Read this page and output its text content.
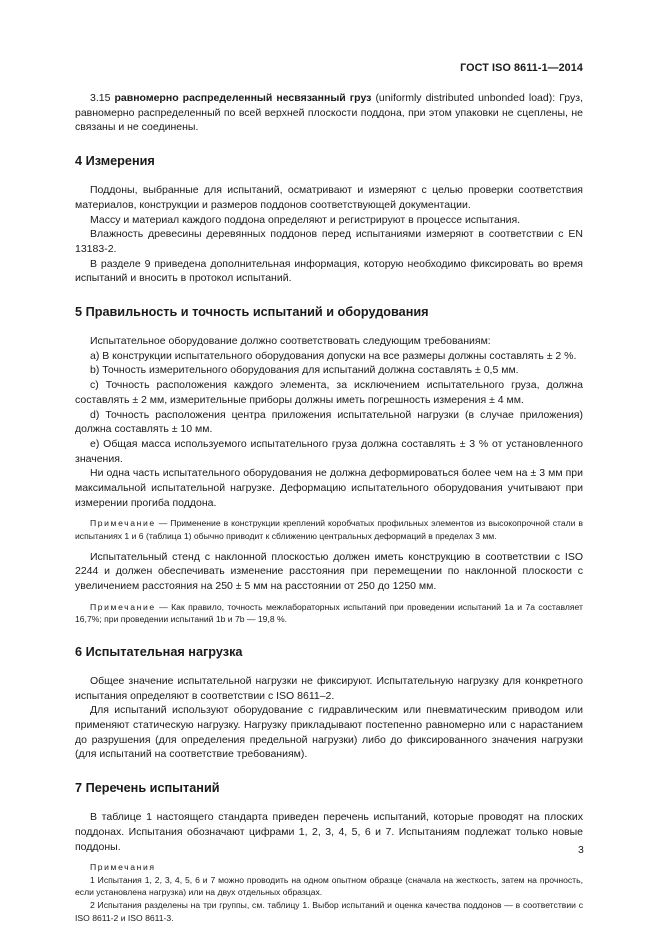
ГОСТ ISO 8611-1—2014

3.15 равномерно распределенный несвязанный груз (uniformly distributed unbonded load): Груз, равномерно распределенный по всей верхней плоскости поддона, при этом упаковки не сцеплены, не связаны и не соединены.

4 Измерения

Поддоны, выбранные для испытаний, осматривают и измеряют с целью проверки соответствия материалов, конструкции и размеров поддонов соответствующей документации.

Массу и материал каждого поддона определяют и регистрируют в процессе испытания.

Влажность древесины деревянных поддонов перед испытаниями измеряют в соответствии с EN 13183-2.

В разделе 9 приведена дополнительная информация, которую необходимо фиксировать во время испытаний и вносить в протокол испытаний.

5 Правильность и точность испытаний и оборудования

Испытательное оборудование должно соответствовать следующим требованиям:

a) В конструкции испытательного оборудования допуски на все размеры должны составлять ± 2 %.

b) Точность измерительного оборудования для испытаний должна составлять ± 0,5 мм.

c) Точность расположения каждого элемента, за исключением испытательного груза, должна составлять ± 2 мм, измерительные приборы должны иметь погрешность измерения ± 4 мм.

d) Точность расположения центра приложения испытательной нагрузки (в случае приложения) должна составлять ± 10 мм.

e) Общая масса используемого испытательного груза должна составлять ± 3 % от установленного значения.

Ни одна часть испытательного оборудования не должна деформироваться более чем на ± 3 мм при максимальной испытательной нагрузке. Деформацию испытательного оборудования учитывают при измерении прогиба поддона.

Примечание — Применение в конструкции креплений коробчатых профильных элементов из высокопрочной стали в испытаниях 1 и 6 (таблица 1) обычно приводит к сближению центральных деформаций в пределах 3 мм.

Испытательный стенд с наклонной плоскостью должен иметь конструкцию в соответствии с ISO 2244 и должен обеспечивать изменение расстояния при перемещении по наклонной плоскости с увеличением расстояния на 250 ± 5 мм на расстоянии от 250 до 1250 мм.

Примечание — Как правило, точность межлабораторных испытаний при проведении испытаний 1а и 7а составляет 16,7%; при проведении испытаний 1b и 7b — 19,8 %.

6 Испытательная нагрузка

Общее значение испытательной нагрузки не фиксируют. Испытательную нагрузку для конкретного испытания определяют в соответствии с ISO 8611–2.

Для испытаний используют оборудование с гидравлическим или пневматическим приводом или применяют статическую нагрузку. Нагрузку прикладывают постепенно равномерно или с нарастанием до разрушения (для определения предельной нагрузки) либо до фиксированного значения нагрузки (для испытаний на соответствие требованиям).

7 Перечень испытаний

В таблице 1 настоящего стандарта приведен перечень испытаний, которые проводят на плоских поддонах. Испытания обозначают цифрами 1, 2, 3, 4, 5, 6 и 7. Испытаниям подлежат только новые поддоны.

Примечания

1 Испытания 1, 2, 3, 4, 5, 6 и 7 можно проводить на одном опытном образце (сначала на жесткость, затем на прочность, если установлена нагрузка) или на двух отдельных образцах.

2 Испытания разделены на три группы, см. таблицу 1. Выбор испытаний и оценка качества поддонов — в соответствии с ISO 8611-2 и ISO 8611-3.

3
